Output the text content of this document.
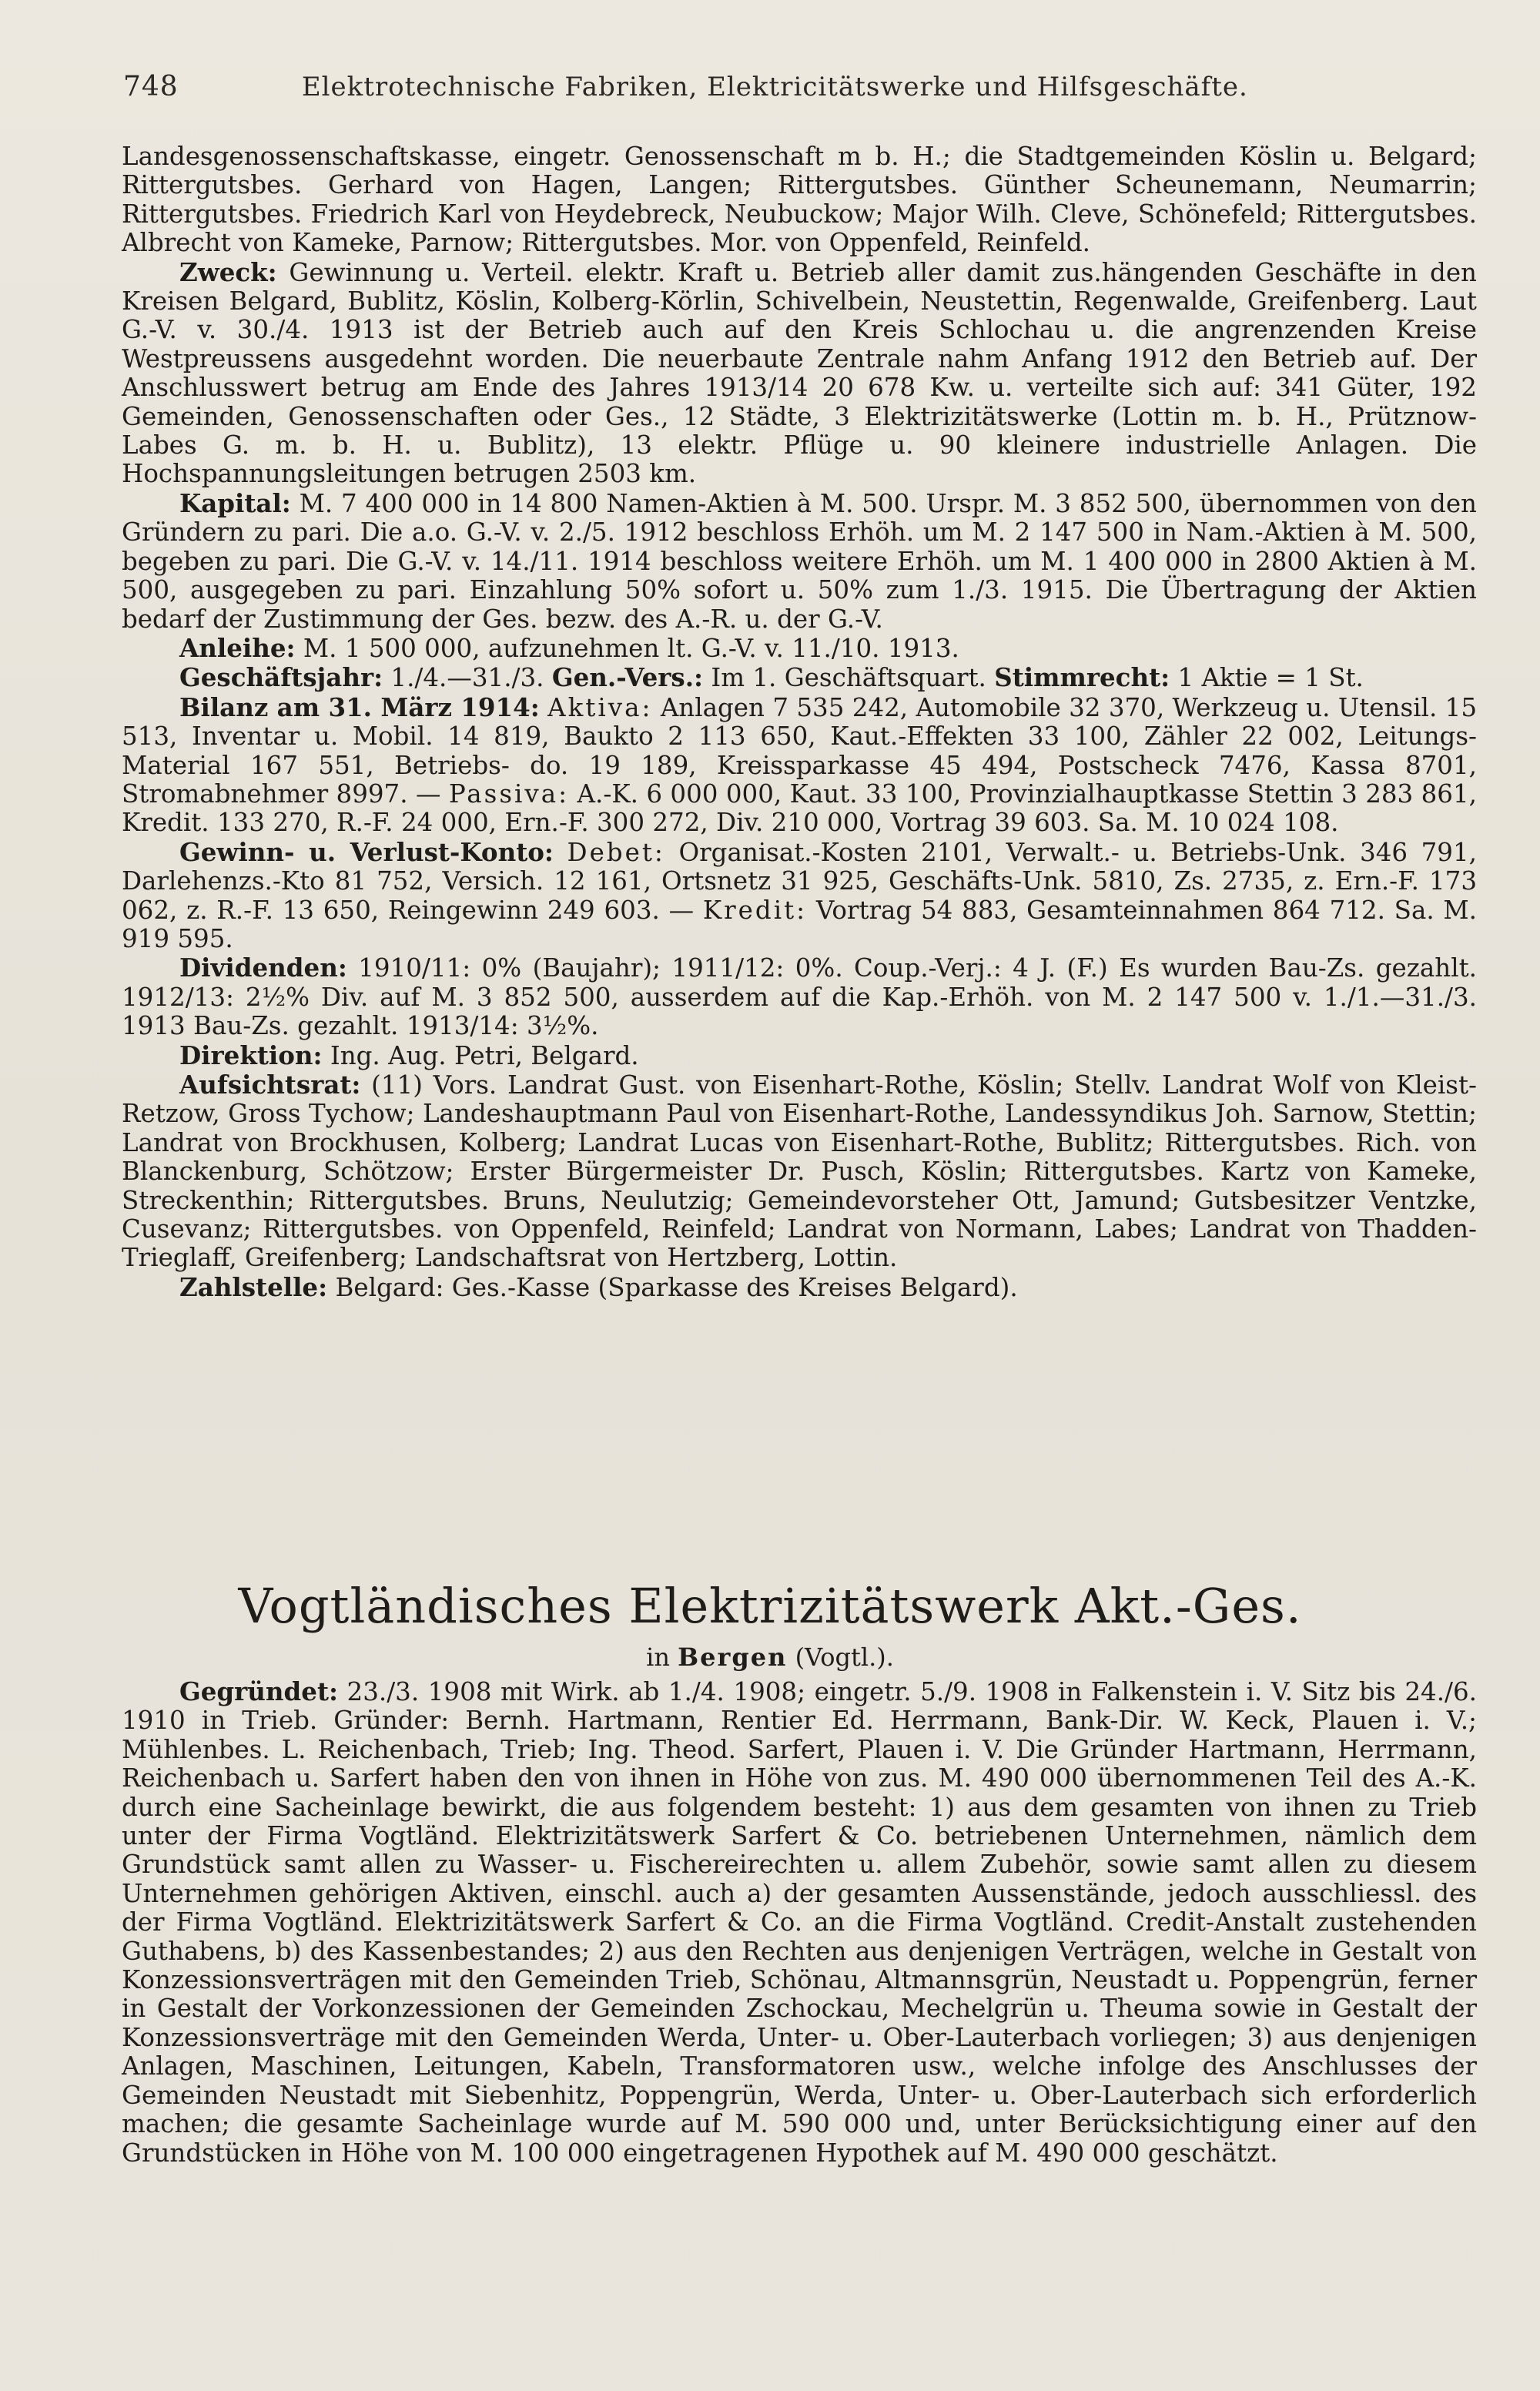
748	Elektrotechnische Fabriken, Elektricitätswerke und Hilfsgeschäfte.

Landesgenossenschaftskasse, eingetr. Genossenschaft m b. H.; die Stadtgemeinden Köslin u. Belgard; Rittergutsbes. Gerhard von Hagen, Langen; Rittergutsbes. Günther Scheunemann, Neumarrin; Rittergutsbes. Friedrich Karl von Heydebreck, Neubuckow; Major Wilh. Cleve, Schönefeld; Rittergutsbes. Albrecht von Kameke, Parnow; Rittergutsbes. Mor. von Oppenfeld, Reinfeld.

Zweck: Gewinnung u. Verteil. elektr. Kraft u. Betrieb aller damit zus.hängenden Geschäfte in den Kreisen Belgard, Bublitz, Köslin, Kolberg-Körlin, Schivelbein, Neustettin, Regenwalde, Greifenberg. Laut G.-V. v. 30./4. 1913 ist der Betrieb auch auf den Kreis Schlochau u. die angrenzenden Kreise Westpreussens ausgedehnt worden. Die neuerbaute Zentrale nahm Anfang 1912 den Betrieb auf. Der Anschlusswert betrug am Ende des Jahres 1913/14 20 678 Kw. u. verteilte sich auf: 341 Güter, 192 Gemeinden, Genossenschaften oder Ges., 12 Städte, 3 Elektrizitätswerke (Lottin m. b. H., Prütznow-Labes G. m. b. H. u. Bublitz), 13 elektr. Pflüge u. 90 kleinere industrielle Anlagen. Die Hochspannungsleitungen betrugen 2503 km.

Kapital: M. 7 400 000 in 14 800 Namen-Aktien à M. 500. Urspr. M. 3 852 500, übernommen von den Gründern zu pari. Die a.o. G.-V. v. 2./5. 1912 beschloss Erhöh. um M. 2 147 500 in Nam.-Aktien à M. 500, begeben zu pari. Die G.-V. v. 14./11. 1914 beschloss weitere Erhöh. um M. 1 400 000 in 2800 Aktien à M. 500, ausgegeben zu pari. Einzahlung 50% sofort u. 50% zum 1./3. 1915. Die Übertragung der Aktien bedarf der Zustimmung der Ges. bezw. des A.-R. u. der G.-V.

Anleihe: M. 1 500 000, aufzunehmen lt. G.-V. v. 11./10. 1913.

Geschäftsjahr: 1./4.—31./3. Gen.-Vers.: Im 1. Geschäftsquart. Stimmrecht: 1 Aktie = 1 St.

Bilanz am 31. März 1914: Aktiva: Anlagen 7 535 242, Automobile 32 370, Werkzeug u. Utensil. 15 513, Inventar u. Mobil. 14 819, Baukto 2 113 650, Kaut.-Effekten 33 100, Zähler 22 002, Leitungs-Material 167 551, Betriebs- do. 19 189, Kreissparkasse 45 494, Postscheck 7476, Kassa 8701, Stromabnehmer 8997. — Passiva: A.-K. 6 000 000, Kaut. 33 100, Provinzialhauptkasse Stettin 3 283 861, Kredit. 133 270, R.-F. 24 000, Ern.-F. 300 272, Div. 210 000, Vortrag 39 603. Sa. M. 10 024 108.

Gewinn- u. Verlust-Konto: Debet: Organisat.-Kosten 2101, Verwalt.- u. Betriebs-Unk. 346 791, Darlehenzs.-Kto 81 752, Versich. 12 161, Ortsnetz 31 925, Geschäfts-Unk. 5810, Zs. 2735, z. Ern.-F. 173 062, z. R.-F. 13 650, Reingewinn 249 603. — Kredit: Vortrag 54 883, Gesamteinnahmen 864 712. Sa. M. 919 595.

Dividenden: 1910/11: 0% (Baujahr); 1911/12: 0%. Coup.-Verj.: 4 J. (F.) Es wurden Bau-Zs. gezahlt. 1912/13: 2½% Div. auf M. 3 852 500, ausserdem auf die Kap.-Erhöh. von M. 2 147 500 v. 1./1.—31./3. 1913 Bau-Zs. gezahlt. 1913/14: 3½%.

Direktion: Ing. Aug. Petri, Belgard.

Aufsichtsrat: (11) Vors. Landrat Gust. von Eisenhart-Rothe, Köslin; Stellv. Landrat Wolf von Kleist-Retzow, Gross Tychow; Landeshauptmann Paul von Eisenhart-Rothe, Landessyndikus Joh. Sarnow, Stettin; Landrat von Brockhusen, Kolberg; Landrat Lucas von Eisenhart-Rothe, Bublitz; Rittergutsbes. Rich. von Blanckenburg, Schötzow; Erster Bürgermeister Dr. Pusch, Köslin; Rittergutsbes. Kartz von Kameke, Streckenthin; Rittergutsbes. Bruns, Neulutzig; Gemeindevorsteher Ott, Jamund; Gutsbesitzer Ventzke, Cusevanz; Rittergutsbes. von Oppenfeld, Reinfeld; Landrat von Normann, Labes; Landrat von Thadden-Trieglaff, Greifenberg; Landschaftsrat von Hertzberg, Lottin.

Zahlstelle: Belgard: Ges.-Kasse (Sparkasse des Kreises Belgard).

Vogtländisches Elektrizitätswerk Akt.-Ges.
in Bergen (Vogtl.).

Gegründet: 23./3. 1908 mit Wirk. ab 1./4. 1908; eingetr. 5./9. 1908 in Falkenstein i. V. Sitz bis 24./6. 1910 in Trieb. Gründer: Bernh. Hartmann, Rentier Ed. Herrmann, Bank-Dir. W. Keck, Plauen i. V.; Mühlenbes. L. Reichenbach, Trieb; Ing. Theod. Sarfert, Plauen i. V. Die Gründer Hartmann, Herrmann, Reichenbach u. Sarfert haben den von ihnen in Höhe von zus. M. 490 000 übernommenen Teil des A.-K. durch eine Sacheinlage bewirkt, die aus folgendem besteht: 1) aus dem gesamten von ihnen zu Trieb unter der Firma Vogtländ. Elektrizitätswerk Sarfert & Co. betriebenen Unternehmen, nämlich dem Grundstück samt allen zu Wasser- u. Fischereirechten u. allem Zubehör, sowie samt allen zu diesem Unternehmen gehörigen Aktiven, einschl. auch a) der gesamten Aussenstände, jedoch ausschliessl. des der Firma Vogtländ. Elektrizitätswerk Sarfert & Co. an die Firma Vogtländ. Credit-Anstalt zustehenden Guthabens, b) des Kassenbestandes; 2) aus den Rechten aus denjenigen Verträgen, welche in Gestalt von Konzessionsverträgen mit den Gemeinden Trieb, Schönau, Altmannsgrün, Neustadt u. Poppengrün, ferner in Gestalt der Vorkonzessionen der Gemeinden Zschockau, Mechelgrün u. Theuma sowie in Gestalt der Konzessionsverträge mit den Gemeinden Werda, Unter- u. Ober-Lauterbach vorliegen; 3) aus denjenigen Anlagen, Maschinen, Leitungen, Kabeln, Transformatoren usw., welche infolge des Anschlusses der Gemeinden Neustadt mit Siebenhitz, Poppengrün, Werda, Unter- u. Ober-Lauterbach sich erforderlich machen; die gesamte Sacheinlage wurde auf M. 590 000 und, unter Berücksichtigung einer auf den Grundstücken in Höhe von M. 100 000 eingetragenen Hypothek auf M. 490 000 geschätzt.
